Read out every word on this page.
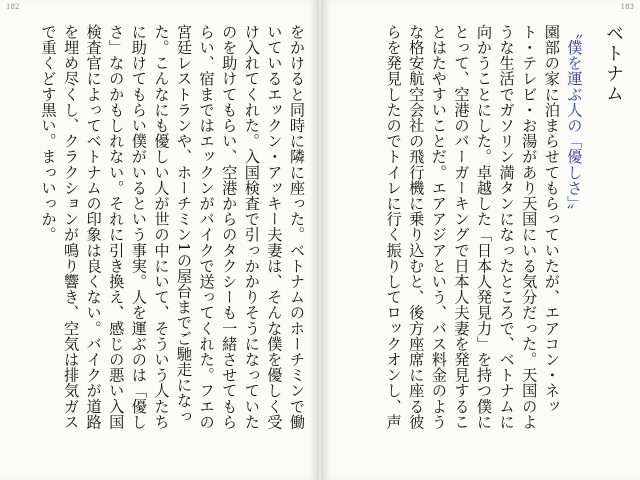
182
をかけると同時に隣に座った。ベトナムのホーチミンで働
いているエックン・アッキー夫妻は、そんな僕を優しく受
け入れてくれた。入国検査で引っかかりそうになっていた
のを助けてもらい、空港からのタクシーも一緒させてもら
らい、宿まではエックンがバイクで送ってくれた。フエの
宮廷レストランや、ホーチミン1の屋台までご馳走になっ
た。こんなにも優しい人が世の中にいて、そういう人たち
に助けてもらい僕がいるという事実。人を運ぶのは「優し
さ」なのかもしれない。それに引き換え、感じの悪い入国
検査官によってベトナムの印象は良くない。バイクが道路
を埋め尽くし、クラクションが鳴り響き、空気は排気ガス
で重くどす黒い。まっいっか。
183
ベトナム
〝僕を運ぶ人の「優しさ」〟
園部の家に泊まらせてもらっていたが、エアコン・ネッ
ト・テレビ・お湯があり天国にいる気分だった。天国のよ
うな生活でガソリン満タンになったところで、ベトナムに
向かうことにした。卓越した「日本人発見力」を持つ僕に
とって、空港のバーガーキングで日本人夫妻を発見するこ
とはたやすいことだ。エアアジアという、バス料金のよう
な格安航空会社の飛行機に乗り込むと、後方座席に座る彼
らを発見したのでトイレに行く振りしてロックオンし、声
